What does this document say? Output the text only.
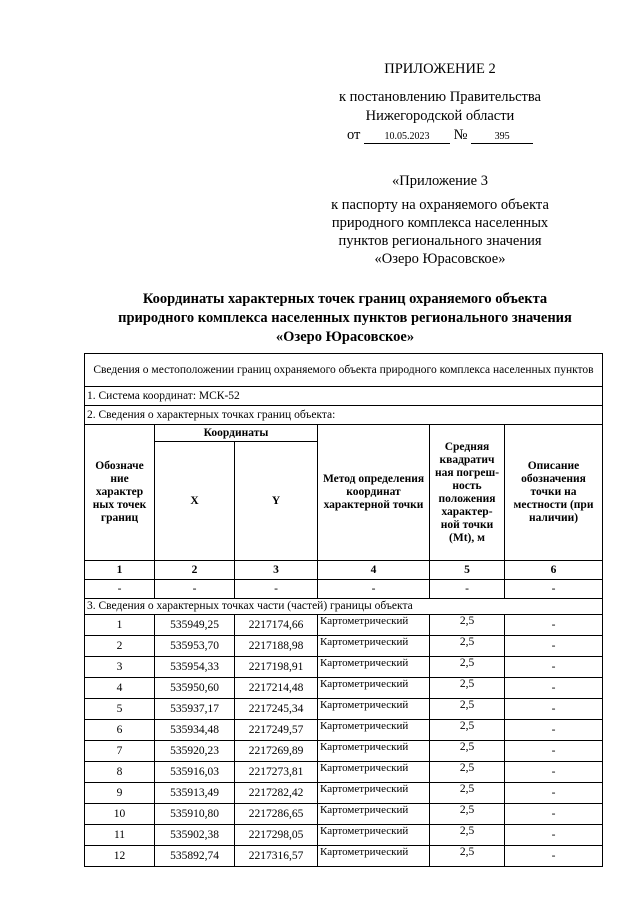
ПРИЛОЖЕНИЕ 2
к постановлению Правительства
Нижегородской области
от 10.05.2023 №	395
«Приложение 3
к паспорту на охраняемого объекта
природного комплекса населенных
пунктов регионального значения
«Озеро Юрасовское»
Координаты характерных точек границ охраняемого объекта
природного комплекса населенных пунктов регионального значения
«Озеро Юрасовское»
Сведения о местоположении границ охраняемого объекта природного комплекса населенных пунктов					
1. Система координат: МСК-52					
2. Сведения о характерных точках границ объекта:					
Обозначе ние характер ных точек границ	Координаты		Метод определения координат характерной точки	Средняя квадратич ная погреш- ность положения характер- ной точки (Mt), м	Описание обозначения точки на местности (при наличии)
	X	Y			
1	2	3	4	5	6
-	-	-	-	-	-
3. Сведения о характерных точках части (частей) границы объекта					
1	535949,25	2217174,66	Картометрический	2,5	-
2	535953,70	2217188,98	Картометрический	2,5	-
3	535954,33	2217198,91	Картометрический	2,5	-
4	535950,60	2217214,48	Картометрический	2,5	-
5	535937,17	2217245,34	Картометрический	2,5	-
6	535934,48	2217249,57	Картометрический	2,5	-
7	535920,23	2217269,89	Картометрический	2,5	-
8	535916,03	2217273,81	Картометрический	2,5	-
9	535913,49	2217282,42	Картометрический	2,5	-
10	535910,80	2217286,65	Картометрический	2,5	-
11	535902,38	2217298,05	Картометрический	2,5	-
12	535892,74	2217316,57	Картометрический	2,5	-
